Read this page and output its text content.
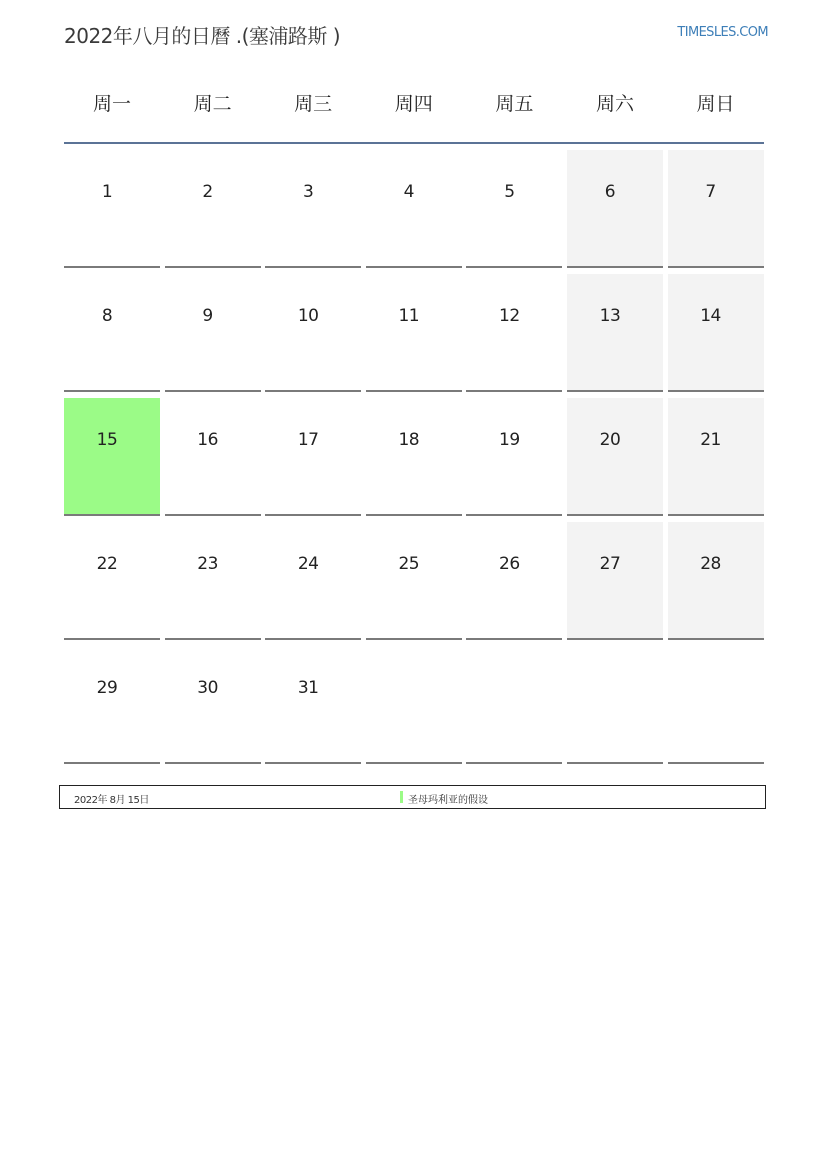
2022年八月的日曆 .(塞浦路斯 )	TIMESLES.COM
周一	周二	周三	周四	周五	周六	周日
1	2	3	4	5	6	7
8	9	10	11	12	13	14
15	16	17	18	19	20	21
22	23	24	25	26	27	28
29	30	31
2022年 8月 15日	圣母玛利亚的假设
